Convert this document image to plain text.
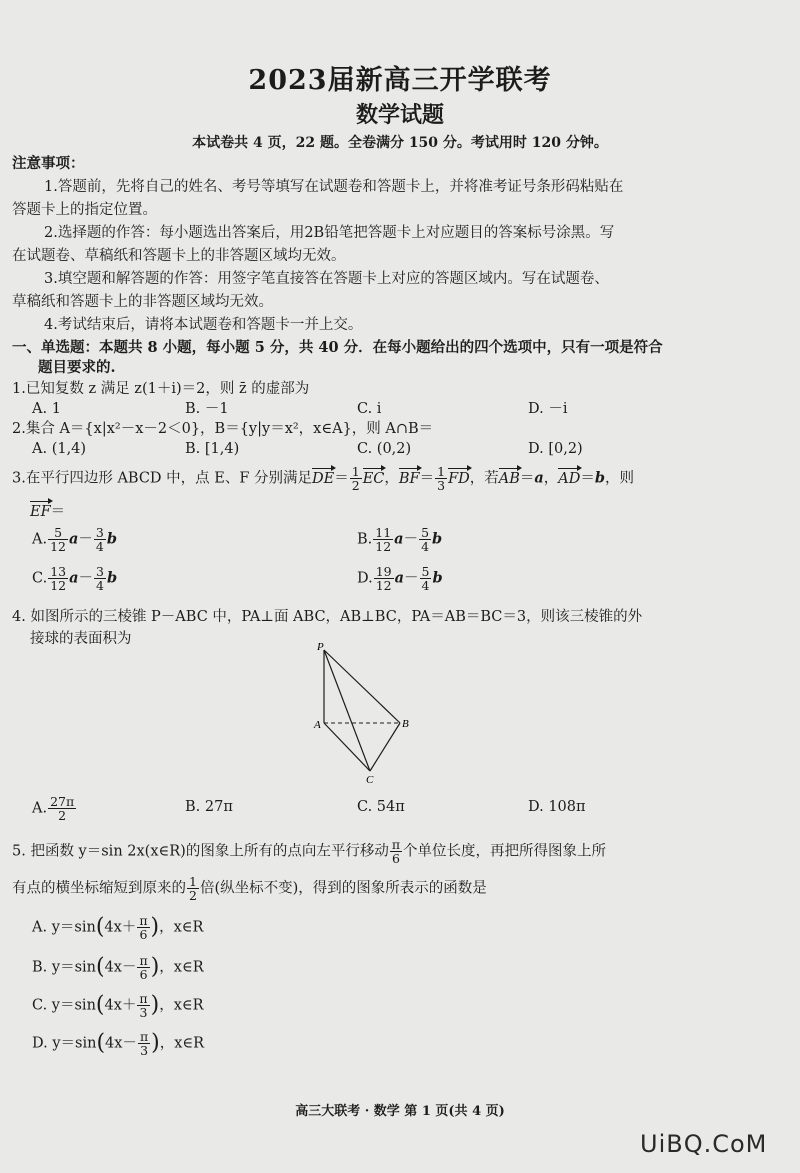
2023届新高三开学联考
数学试题
本试卷共 4 页，22 题。全卷满分 150 分。考试用时 120 分钟。
注意事项：
1.答题前，先将自己的姓名、考号等填写在试题卷和答题卡上，并将准考证号条形码粘贴在
答题卡上的指定位置。
2.选择题的作答：每小题选出答案后，用2B铅笔把答题卡上对应题目的答案标号涂黑。写
在试题卷、草稿纸和答题卡上的非答题区域均无效。
3.填空题和解答题的作答：用签字笔直接答在答题卡上对应的答题区域内。写在试题卷、
草稿纸和答题卡上的非答题区域均无效。
4.考试结束后，请将本试题卷和答题卡一并上交。
一、单选题：本题共 8 小题，每小题 5 分，共 40 分．在每小题给出的四个选项中，只有一项是符合
题目要求的.
1.已知复数 z 满足 z(1＋i)＝2，则 z̄ 的虚部为
A. 1	B. －1	C. i	D. －i
2.集合 A＝{x|x²－x－2＜0}，B＝{y|y＝x²，x∈A}，则 A∩B＝
A. (1,4)	B. [1,4)	C. (0,2)	D. [0,2)
3.在平行四边形 ABCD 中，点 E、F 分别满足$DE= \frac{1}{2}$ EC，$BF= \frac{1}{3}$ FD，若AB＝a，AD＝b，则
EF＝
A. $\frac{5}{12} a- \frac{3}{4}$ b	B. $\frac{11}{12} a- \frac{5}{4}$ b
C. $\frac{13}{12} a- \frac{3}{4}$ b	D. $\frac{19}{12} a- \frac{5}{4}$ b
4. 如图所示的三棱锥 P－ABC 中，PA⊥面 ABC，AB⊥BC，PA＝AB＝BC＝3，则该三棱锥的外
接球的表面积为	P
A	B
C
A. $\frac{27\pi}{2}$	B. 27π	C. 54π	D. 108π
5. 把函数 y＝sin 2x(x∈R)的图象上所有的点向左平行移动 $\frac{\pi}{6}$ 个单位长度，再把所得图象上所
有点的横坐标缩短到原来的 $\frac{1}{2}$ 倍(纵坐标不变)，得到的图象所表示的函数是
A. $y=\sin(4x+ \frac{\pi}{6}$ )，x∈R
B. $y=\sin(4x- \frac{\pi}{6}$ )，x∈R
C. $y=\sin(4x+ \frac{\pi}{3}$ )，x∈R
D. $y=\sin(4x- \frac{\pi}{3}$ )，x∈R
高三大联考 · 数学 第 1 页(共 4 页)
UiBQ.CoM
